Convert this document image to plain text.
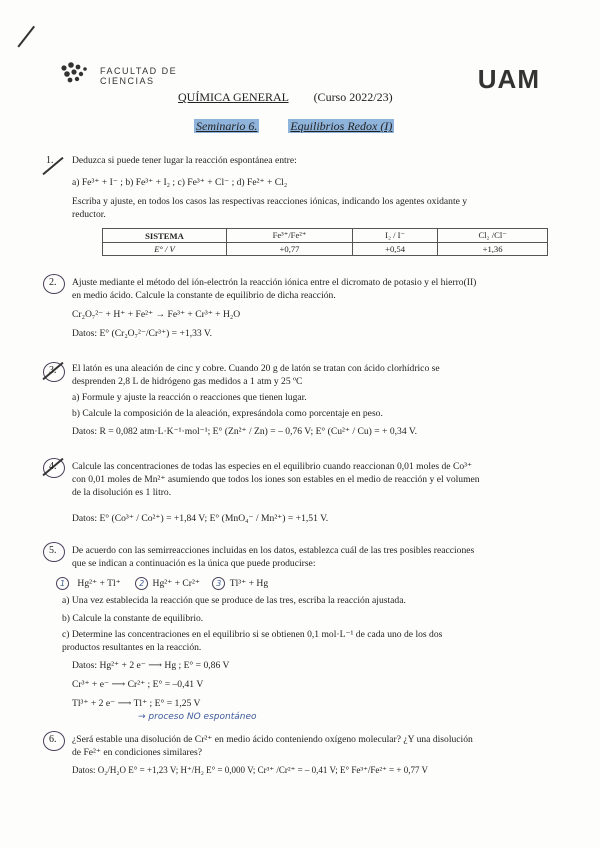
FACULTAD DE
CIENCIAS	UAM
QUÍMICA GENERAL (Curso 2022/23)
Seminario 6.	Equilibrios Redox (I)
1. Deduzca si puede tener lugar la reacción espontánea entre:
a) Fe³⁺ + I⁻ ; b) Fe³⁺ + I₂ ; c) Fe³⁺ + Cl⁻ ; d) Fe²⁺ + Cl₂
Escriba y ajuste, en todos los casos las respectivas reacciones iónicas, indicando los agentes oxidante y
reductor.
SISTEMA	Fe³⁺/Fe²⁺	I₂ / I⁻	Cl₂ /Cl⁻
E° / V	+0,77	+0,54	+1,36
2. Ajuste mediante el método del ión-electrón la reacción iónica entre el dicromato de potasio y el hierro(II)
en medio ácido. Calcule la constante de equilibrio de dicha reacción.
Cr₂O₇²⁻ + H⁺ + Fe²⁺ → Fe³⁺ + Cr³⁺ + H₂O
Datos: E° (Cr₂O₇²⁻/Cr³⁺) = +1,33 V.
3. El latón es una aleación de cinc y cobre. Cuando 20 g de latón se tratan con ácido clorhídrico se
desprenden 2,8 L de hidrógeno gas medidos a 1 atm y 25 ºC
a) Formule y ajuste la reacción o reacciones que tienen lugar.
b) Calcule la composición de la aleación, expresándola como porcentaje en peso.
Datos: R = 0,082 atm·L·K⁻¹·mol⁻¹; E° (Zn²⁺ / Zn) = – 0,76 V; E° (Cu²⁺ / Cu) = + 0,34 V.
4. Calcule las concentraciones de todas las especies en el equilibrio cuando reaccionan 0,01 moles de Co³⁺
con 0,01 moles de Mn²⁺ asumiendo que todos los iones son estables en el medio de reacción y el volumen
de la disolución es 1 litro.
Datos: E° (Co³⁺ / Co²⁺) = +1,84 V; E° (MnO₄⁻ / Mn²⁺) = +1,51 V.
5. De acuerdo con las semirreacciones incluidas en los datos, establezca cuál de las tres posibles reacciones
que se indican a continuación es la única que puede producirse:
1 Hg²⁺ + Tl⁺ 2 Hg²⁺ + Cr²⁺ 3 Tl³⁺ + Hg
a) Una vez establecida la reacción que se produce de las tres, escriba la reacción ajustada.
b) Calcule la constante de equilibrio.
c) Determine las concentraciones en el equilibrio si se obtienen 0,1 mol·L⁻¹ de cada uno de los dos
productos resultantes en la reacción.
Datos: Hg²⁺ + 2 e⁻ ⟶ Hg ; E° = 0,86 V
Cr³⁺ + e⁻ ⟶ Cr²⁺ ; E° = –0,41 V
Tl³⁺ + 2 e⁻ ⟶ Tl⁺ ; E° = 1,25 V
→ proceso NO espontáneo
6. ¿Será estable una disolución de Cr²⁺ en medio ácido conteniendo oxígeno molecular? ¿Y una disolución
de Fe²⁺ en condiciones similares?
Datos: O₂/H₂O E° = +1,23 V; H⁺/H₂ E° = 0,000 V; Cr³⁺ /Cr²⁺ = – 0,41 V; E° Fe³⁺/Fe²⁺ = + 0,77 V
